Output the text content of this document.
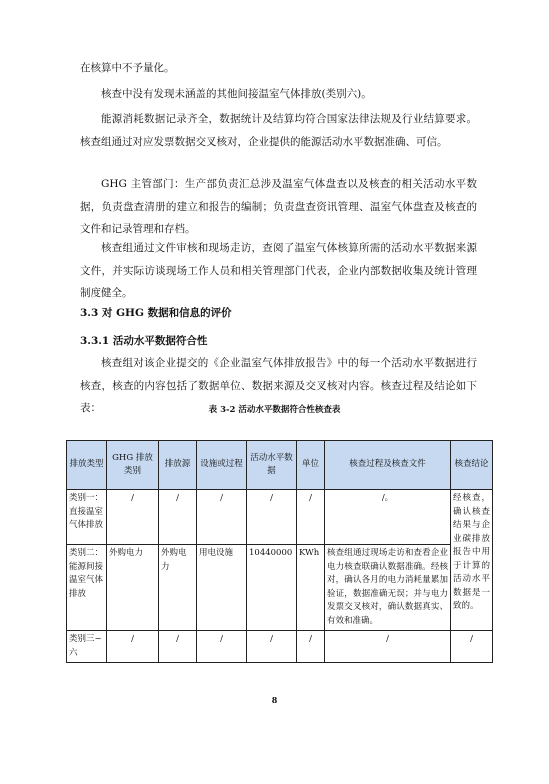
在核算中不予量化。

核查中没有发现未涵盖的其他间接温室气体排放(类别六)。

能源消耗数据记录齐全，数据统计及结算均符合国家法律法规及行业结算要求。核查组通过对应发票数据交叉核对，企业提供的能源活动水平数据准确、可信。

GHG 主管部门：生产部负责汇总涉及温室气体盘查以及核查的相关活动水平数据，负责盘查清册的建立和报告的编制；负责盘查资讯管理、温室气体盘查及核查的文件和记录管理和存档。

核查组通过文件审核和现场走访，查阅了温室气体核算所需的活动水平数据来源文件，并实际访谈现场工作人员和相关管理部门代表，企业内部数据收集及统计管理制度健全。

3.3 对 GHG 数据和信息的评价
3.3.1 活动水平数据符合性

核查组对该企业提交的《企业温室气体排放报告》中的每一个活动水平数据进行核查，核查的内容包括了数据单位、数据来源及交叉核对内容。核查过程及结论如下表：	表 3-2 活动水平数据符合性核查表
排放类型	GHG 排放类别	排放源	设施或过程	活动水平数据	单位	核查过程及核查文件	核查结论
类别一：直接温室气体排放	/	/	/	/	/	/。	经核查，确认核查结果与企业碳排放报告中用于计算的活动水平数据是一致的。
类别二：能源间接温室气体排放	外购电力	外购电力	用电设施	10440000	KWh	核查组通过现场走访和查看企业电力核查联确认数据准确。经核对，确认各月的电力消耗量累加验证，数据准确无误；并与电力发票交叉核对，确认数据真实、有效和准确。	
类别三~六	/	/	/	/	/	/	/
8
